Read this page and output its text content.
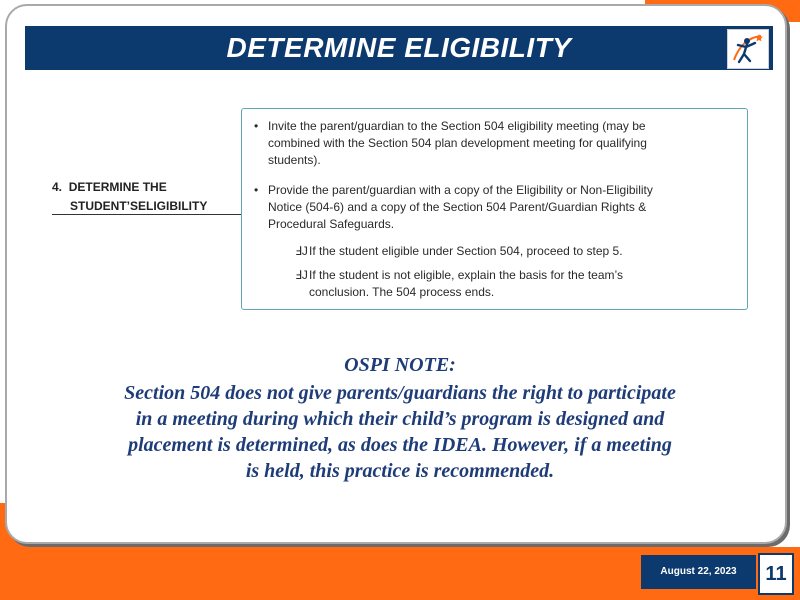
DETERMINE ELIGIBILITY
4. DETERMINE THE
STUDENT’SELIGIBILITY
• Invite the parent/guardian to the Section 504 eligibility meeting (may be
combined with the Section 504 plan development meeting for qualifying
students).
• Provide the parent/guardian with a copy of the Eligibility or Non-Eligibility
Notice (504-6) and a copy of the Section 504 Parent/Guardian Rights &
Procedural Safeguards.
ℲJ If the student eligible under Section 504, proceed to step 5.
ℲJ If the student is not eligible, explain the basis for the team’s
conclusion. The 504 process ends.
OSPI NOTE:
Section 504 does not give parents/guardians the right to participate
in a meeting during which their child’s program is designed and
placement is determined, as does the IDEA. However, if a meeting
is held, this practice is recommended.
August 22, 2023	11
